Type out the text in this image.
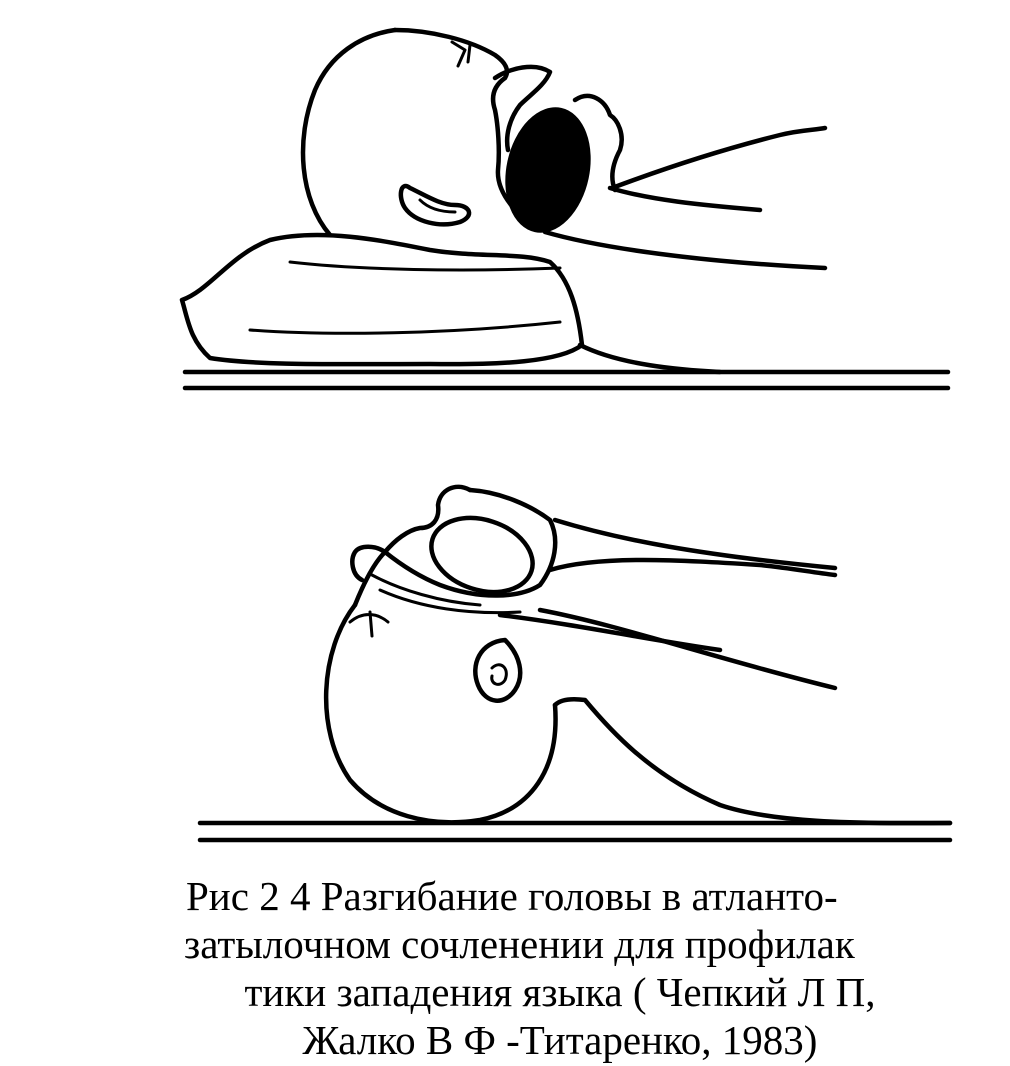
Рис 2 4 Разгибание головы в атланто-
затылочном сочленении для профилак
тики западения языка ( Чепкий Л П,
Жалко В Ф -Титаренко, 1983)
